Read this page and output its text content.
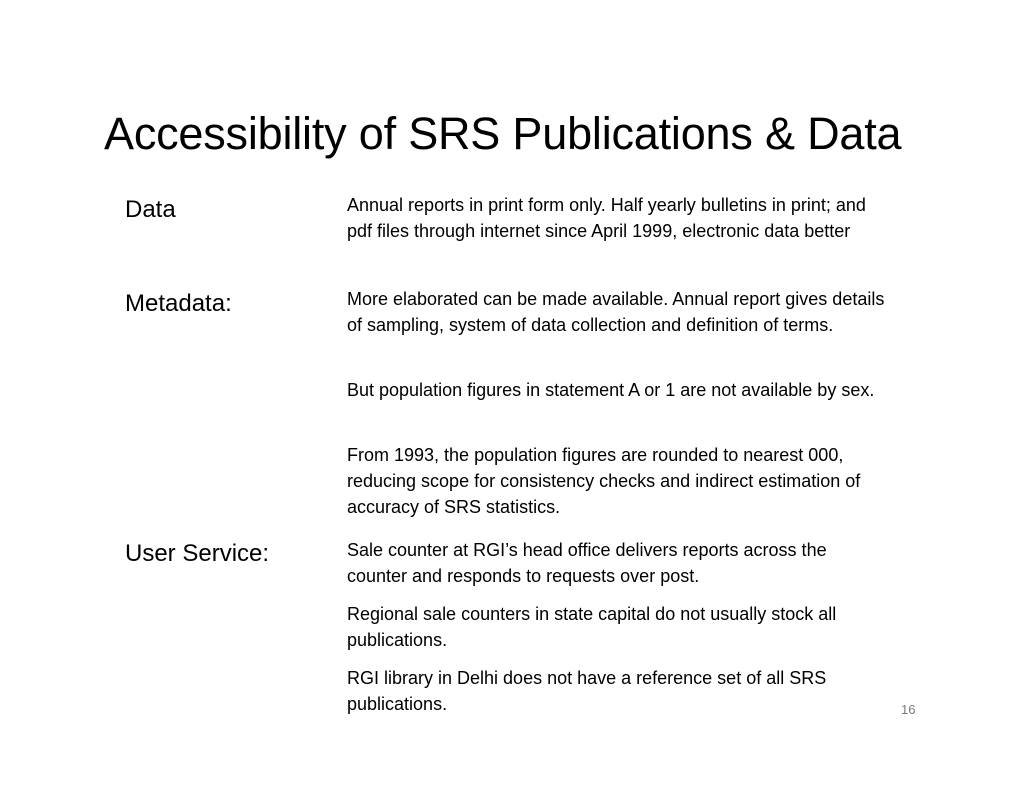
Accessibility of SRS Publications & Data
Data	Annual reports in print form only. Half yearly bulletins in print; and pdf files through internet since April 1999, electronic data better

Metadata:	More elaborated can be made available. Annual report gives details of sampling, system of data collection and definition of terms.

But population figures in statement A or 1 are not available by sex.

From 1993, the population figures are rounded to nearest 000, reducing scope for consistency checks and indirect estimation of accuracy of SRS statistics.

User Service:	Sale counter at RGI’s head office delivers reports across the counter and responds to requests over post.

Regional sale counters in state capital do not usually stock all publications.

RGI library in Delhi does not have a reference set of all SRS publications.	16
